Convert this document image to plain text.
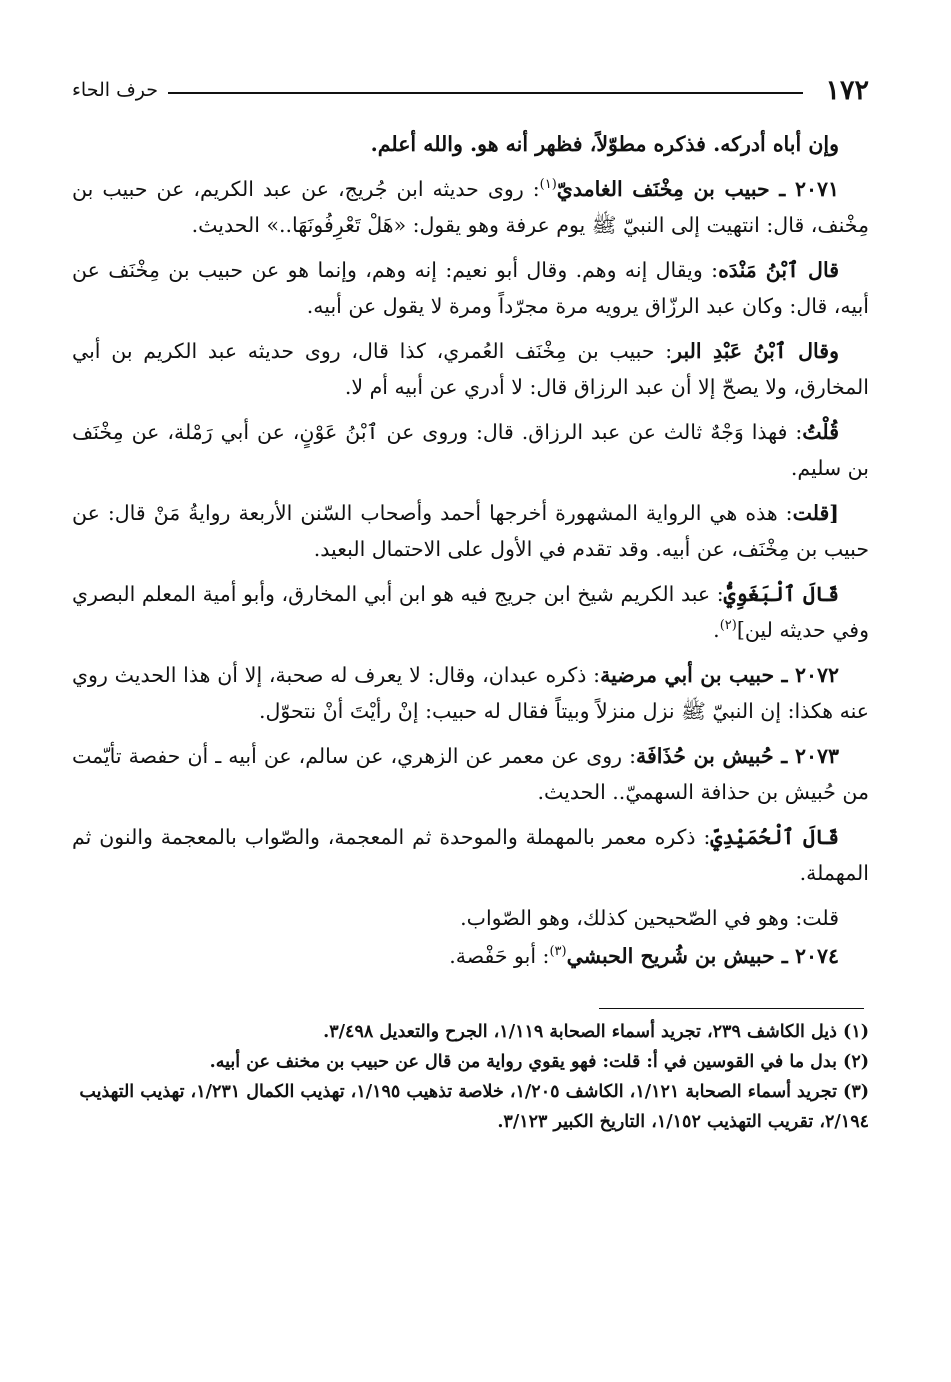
١٧٢
حرف الحاء

وإن أباه أدركه. فذكره مطوّلاً، فظهر أنه هو. والله أعلم.

٢٠٧١ ـ حبيب بن مِخْنَف الغامديّ$^{(١)}$: روى حديثه ابن جُريج، عن عبد الكريم، عن حبيب بن مِخْنف، قال: انتهيت إلى النبيّ ﷺ يوم عرفة وهو يقول: «هَلْ تَعْرِفُونَهَا..» الحديث.

قال ٱبْنُ مَنْدَه: ويقال إنه وهم. وقال أبو نعيم: إنه وهم، وإنما هو عن حبيب بن مِخْنَف عن أبيه، قال: وكان عبد الرزّاق يرويه مرة مجرّداً ومرة لا يقول عن أبيه.

وقال ٱبْنُ عَبْدِ البر: حبيب بن مِخْنَف العُمري، كذا قال، روى حديثه عبد الكريم بن أبي المخارق، ولا يصحّ إلا أن عبد الرزاق قال: لا أدري عن أبيه أم لا.

قُلْتُ: فهذا وَجْهٌ ثالث عن عبد الرزاق. قال: وروى عن ٱبْنُ عَوْنٍ، عن أبي رَمْلة، عن مِخْنَف بن سليم.

[قلت: هذه هي الرواية المشهورة أخرجها أحمد وأصحاب السّنن الأربعة روايةُ مَنْ قال: عن حبيب بن مِخْنَف، عن أبيه. وقد تقدم في الأول على الاحتمال البعيد.

قَالَ ٱلْبَغَوِيُّ: عبد الكريم شيخ ابن جريج فيه هو ابن أبي المخارق، وأبو أمية المعلم البصري وفي حديثه لين]$^{(٢)}$.

٢٠٧٢ ـ حبيب بن أبي مرضية: ذكره عبدان، وقال: لا يعرف له صحبة، إلا أن هذا الحديث روي عنه هكذا: إن النبيّ ﷺ نزل منزلاً وبيتاً فقال له حبيب: إنْ رأيْتَ أنْ نتحوّل.

٢٠٧٣ ـ حُبيش بن حُذَافَة: روى عن معمر عن الزهري، عن سالم، عن أبيه ـ أن حفصة تأيّمت من حُبيش بن حذافة السهميّ.. الحديث.

قَالَ ٱلْحُمَيْدِيّ: ذكره معمر بالمهملة والموحدة ثم المعجمة، والصّواب بالمعجمة والنون ثم المهملة.

قلت: وهو في الصّحيحين كذلك، وهو الصّواب.

٢٠٧٤ ـ حبيش بن شُريح الحبشي$^{(٣)}$: أبو حَفْصة.

(١) ذيل الكاشف ٢٣٩، تجريد أسماء الصحابة ١/١١٩، الجرح والتعديل ٣/٤٩٨.

(٢) بدل ما في القوسين في أ: قلت: فهو يقوي رواية من قال عن حبيب بن مخنف عن أبيه.

(٣) تجريد أسماء الصحابة ١/١٢١، الكاشف ١/٢٠٥، خلاصة تذهيب ١/١٩٥، تهذيب الكمال ١/٢٣١، تهذيب التهذيب ٢/١٩٤، تقريب التهذيب ١/١٥٢، التاريخ الكبير ٣/١٢٣.
